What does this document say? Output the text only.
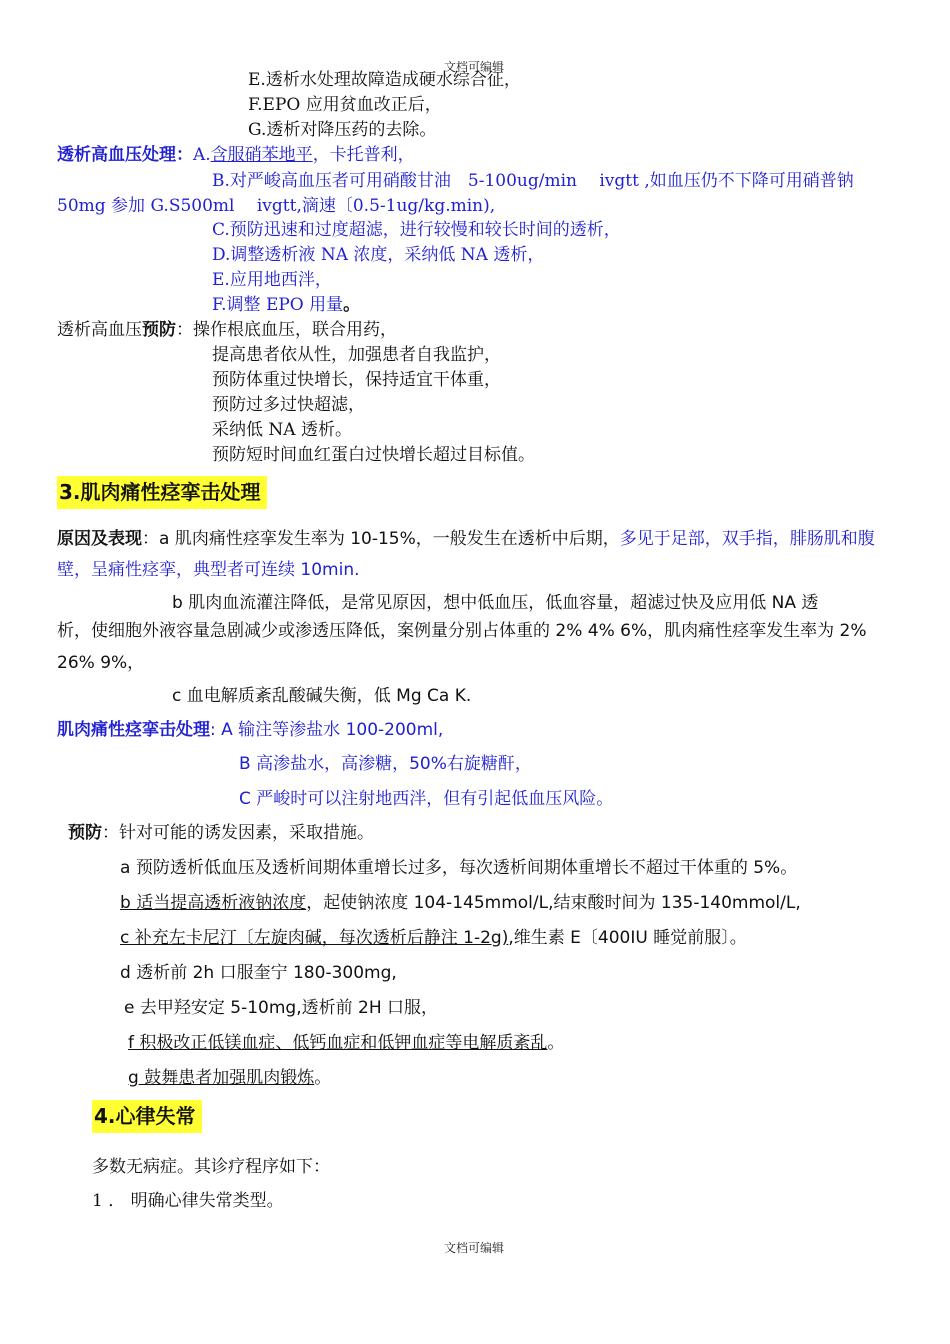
文档可编辑
文档可编辑
E.透析水处理故障造成硬水综合征，
F.EPO 应用贫血改正后，
G.透析对降压药的去除。
透析高血压处理：A.含服硝苯地平，卡托普利，
B.对严峻高血压者可用硝酸甘油　5-100ug/min　 ivgtt ,如血压仍不下降可用硝普钠
50mg 参加 G.S500ml　 ivgtt,滴速〔0.5-1ug/kg.min),
C.预防迅速和过度超滤，进行较慢和较长时间的透析，
D.调整透析液 NA 浓度，采纳低 NA 透析，
E.应用地西泮，
F.调整 EPO 用量。
透析高血压预防：操作根底血压，联合用药，
提高患者依从性，加强患者自我监护，
预防体重过快增长，保持适宜干体重，
预防过多过快超滤，
采纳低 NA 透析。
预防短时间血红蛋白过快增长超过目标值。
3.肌肉痛性痉挛击处理
原因及表现：a 肌肉痛性痉挛发生率为 10-15%，一般发生在透析中后期，多见于足部，双手指，腓肠肌和腹壁，呈痛性痉挛，典型者可连续 10min.
b 肌肉血流灌注降低，是常见原因，想中低血压，低血容量，超滤过快及应用低 NA 透
析，使细胞外液容量急剧减少或渗透压降低，案例量分别占体重的 2% 4% 6%，肌肉痛性痉挛发生率为 2% 26% 9%，
c 血电解质紊乱酸碱失衡，低 Mg Ca K.
肌肉痛性痉挛击处理: A 输注等渗盐水 100-200ml,
B 高渗盐水，高渗糖，50%右旋糖酐，
C 严峻时可以注射地西泮，但有引起低血压风险。
预防：针对可能的诱发因素，采取措施。
a 预防透析低血压及透析间期体重增长过多，每次透析间期体重增长不超过干体重的 5%。
b 适当提高透析液钠浓度，起使钠浓度 104-145mmol/L,结束酸时间为 135-140mmol/L,
c 补充左卡尼汀〔左旋肉碱，每次透析后静注 1-2g),维生素 E〔400IU 睡觉前服〕。
d 透析前 2h 口服奎宁 180-300mg,
e 去甲羟安定 5-10mg,透析前 2H 口服，
f 积极改正低镁血症、低钙血症和低钾血症等电解质紊乱。
g 鼓舞患者加强肌肉锻炼。
4.心律失常
多数无病症。其诊疗程序如下：
1 ． 明确心律失常类型。
